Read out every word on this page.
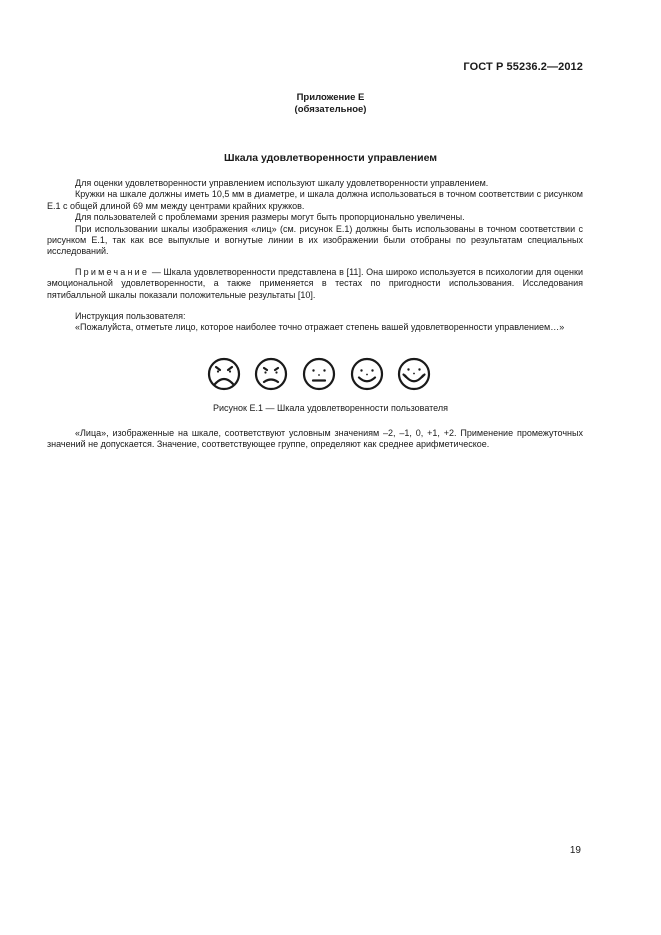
ГОСТ Р 55236.2—2012
Приложение Е
(обязательное)
Шкала удовлетворенности управлением

Для оценки удовлетворенности управлением используют шкалу удовлетворенности управлением.

Кружки на шкале должны иметь 10,5 мм в диаметре, и шкала должна использоваться в точном соответствии с рисунком Е.1 с общей длиной 69 мм между центрами крайних кружков.

Для пользователей с проблемами зрения размеры могут быть пропорционально увеличены.

При использовании шкалы изображения «лиц» (см. рисунок Е.1) должны быть использованы в точном соответствии с рисунком Е.1, так как все выпуклые и вогнутые линии в их изображении были отобраны по результатам специальных исследований.

Примечание — Шкала удовлетворенности представлена в [11]. Она широко используется в психологии для оценки эмоциональной удовлетворенности, а также применяется в тестах по пригодности использования. Исследования пятибалльной шкалы показали положительные результаты [10].

Инструкция пользователя:

«Пожалуйста, отметьте лицо, которое наиболее точно отражает степень вашей удовлетворенности управлением…»

Рисунок Е.1 — Шкала удовлетворенности пользователя

«Лица», изображенные на шкале, соответствуют условным значениям –2, –1, 0, +1, +2. Применение промежуточных значений не допускается. Значение, соответствующее группе, определяют как среднее арифметическое.

19
